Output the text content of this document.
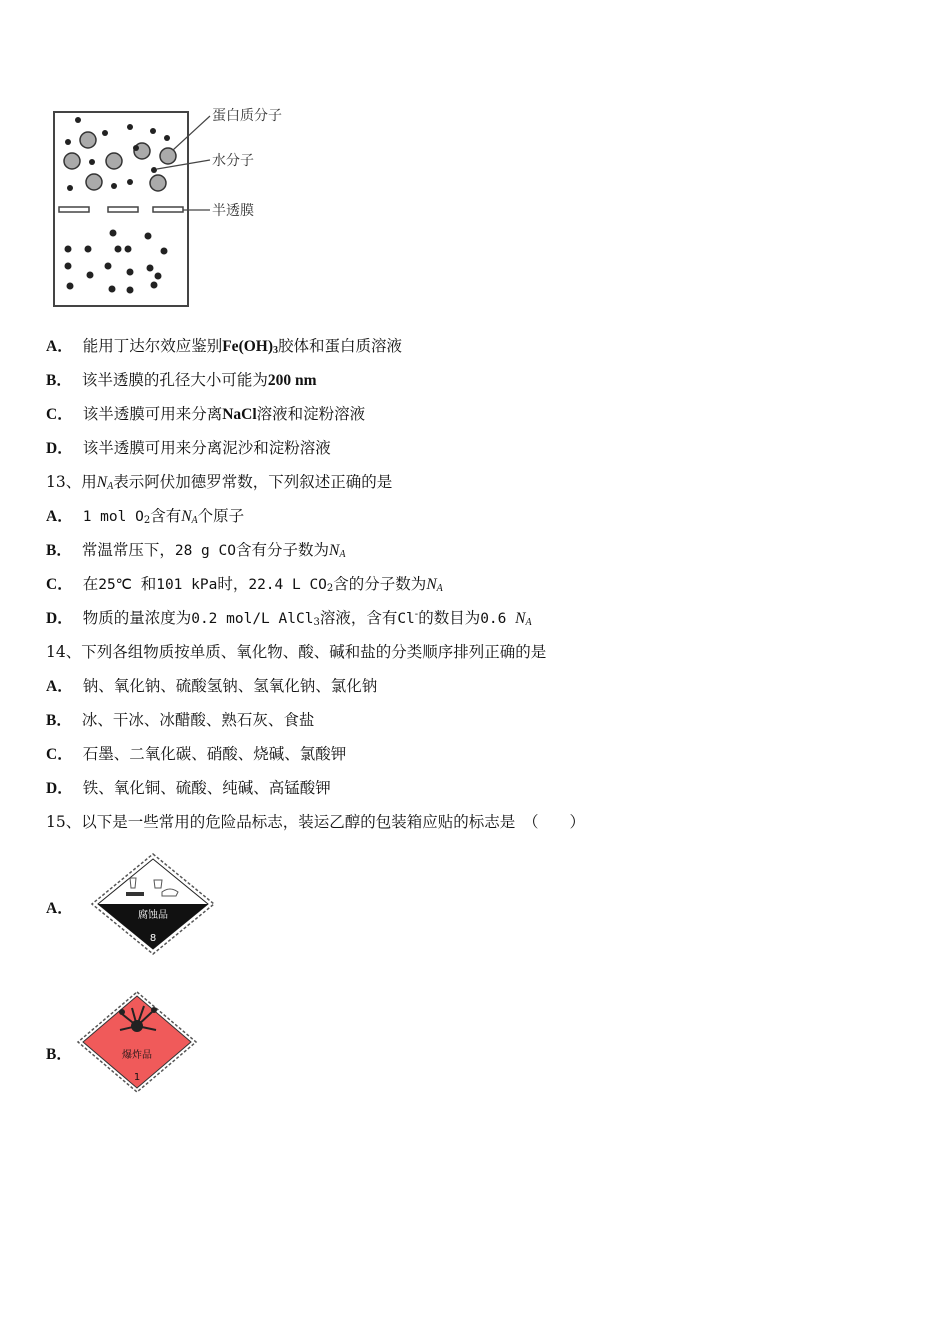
蛋白质分子
水分子
半透膜
A． 能用丁达尔效应鉴别$Fe(OH)_3$胶体和蛋白质溶液
B． 该半透膜的孔径大小可能为200 nm
C． 该半透膜可用来分离NaCl溶液和淀粉溶液
D． 该半透膜可用来分离泥沙和淀粉溶液
13、用$N_A$表示阿伏加德罗常数，下列叙述正确的是
A． 1 mol $O_2$含有$N_A$个原子
B． 常温常压下，28 g CO含有分子数为$N_A$
C． 在25℃ 和101 kPa时，22.4 L $CO_2$含的分子数为$N_A$
D． 物质的量浓度为0.2 mol/L AlCl$_3$溶液，含有Cl-的数目为0.6 $N_A$
14、下列各组物质按单质、氧化物、酸、碱和盐的分类顺序排列正确的是
A． 钠、氧化钠、硫酸氢钠、氢氧化钠、氯化钠
B． 冰、干冰、冰醋酸、熟石灰、食盐
C． 石墨、二氧化碳、硝酸、烧碱、氯酸钾
D． 铁、氧化铜、硫酸、纯碱、高锰酸钾
15、以下是一些常用的危险品标志，装运乙醇的包装箱应贴的标志是　（　　）
A．	腐蚀品
8
B．	爆炸品
1
